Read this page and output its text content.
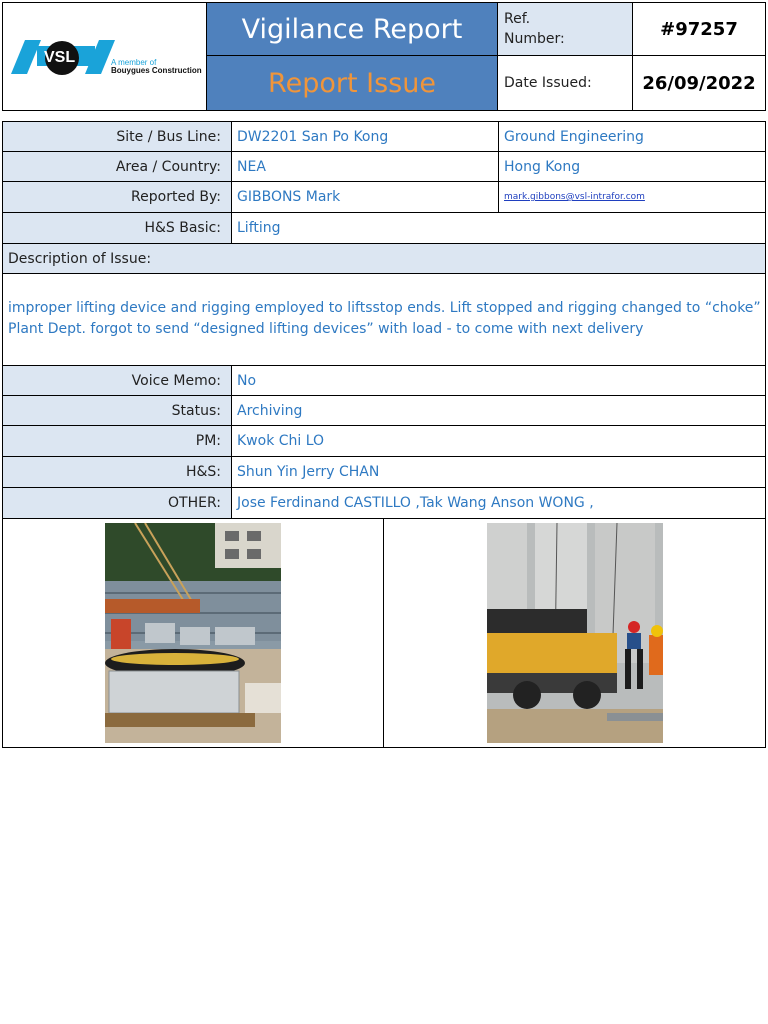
VSL	A member of
Bouygues Construction
Vigilance Report
Report Issue
Ref.
Number:	#97257
Date Issued:	26/09/2022
Site / Bus Line:	DW2201 San Po Kong	Ground Engineering
Area / Country:	NEA	Hong Kong
Reported By:	GIBBONS Mark	mark.gibbons@vsl-intrafor.com
H&S Basic:	Lifting
Description of Issue:
improper lifting device and rigging employed to liftsstop ends. Lift stopped and rigging changed to “choke”
Plant Dept. forgot to send “designed lifting devices” with load - to come with next delivery
Voice Memo:	No
Status:	Archiving
PM:	Kwok Chi LO
H&S:	Shun Yin Jerry CHAN
OTHER:	Jose Ferdinand CASTILLO ,Tak Wang Anson WONG ,
